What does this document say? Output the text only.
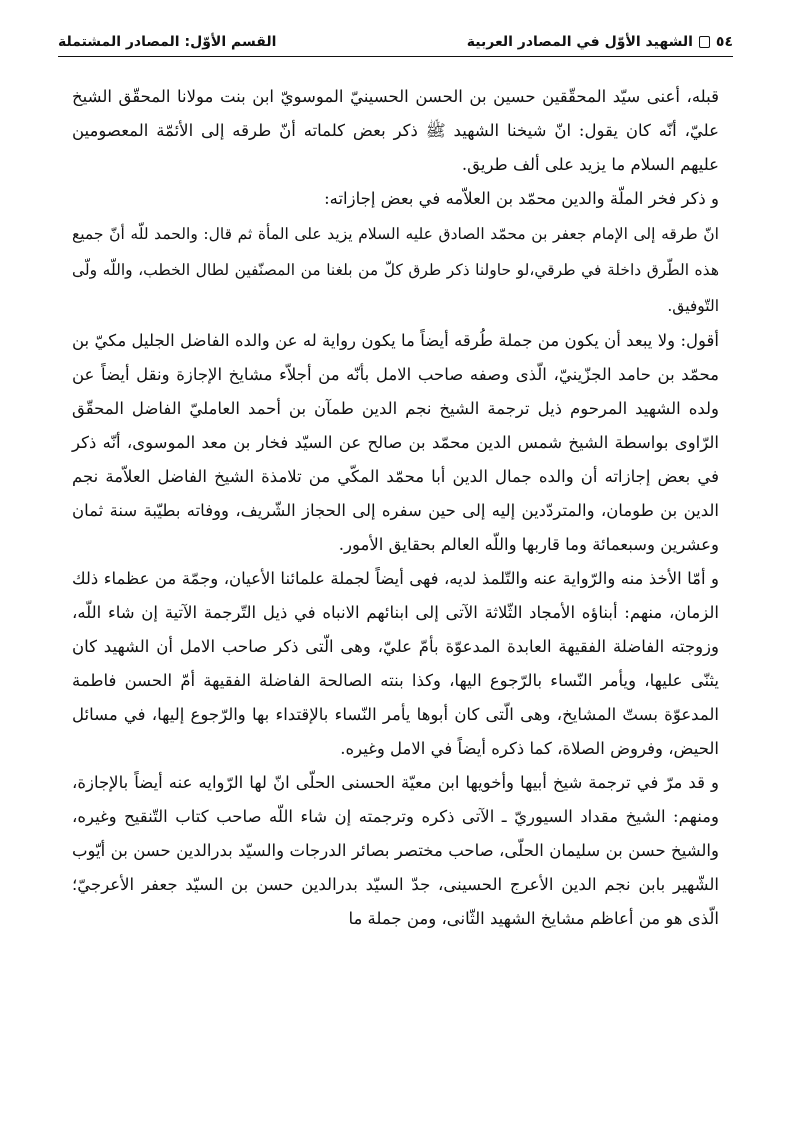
٥٤
الشهيد الأوّل في المصادر العربية
القسم الأوّل: المصادر المشتملة

قبله، أعنى سيّد المحقّقين حسين بن الحسن الحسينيّ الموسويّ ابن بنت مولانا المحقّق الشيخ عليّ، أنّه كان يقول: انّ شيخنا الشهيد ﷺ ذكر بعض كلماته أنّ طرقه إلى الأئمّة المعصومين عليهم السلام ما يزيد على ألف طريق.

و ذكر فخر الملّة والدين محمّد بن العلاّمه في بعض إجازاته:

انّ طرقه إلى الإمام جعفر بن محمّد الصادق عليه السلام يزيد على المأة ثم قال: والحمد للّه أنّ جميع هذه الطّرق داخلة في طرقي،لو حاولنا ذكر طرق كلّ من بلغنا من المصنّفين لطال الخطب، واللّه ولّى التّوفيق.

أقول: ولا يبعد أن يكون من جملة طُرقه أيضاً ما يكون رواية له عن والده الفاضل الجليل مكيّ بن محمّد بن حامد الجزّينيّ، الّذى وصفه صاحب الامل بأنّه من أجلاّء مشايخ الإجازة ونقل أيضاً عن ولده الشهيد المرحوم ذيل ترجمة الشيخ نجم الدين طمآن بن أحمد العامليّ الفاضل المحقّق الرّاوى بواسطة الشيخ شمس الدين محمّد بن صالح عن السيّد فخار بن معد الموسوى، أنّه ذكر في بعض إجازاته أن والده جمال الدين أبا محمّد المكّي من تلامذة الشيخ الفاضل العلاّمة نجم الدين بن طومان، والمتردّدين إليه إلى حين سفره إلى الحجاز الشّريف، ووفاته بطيّبة سنة ثمان وعشرين وسبعمائة وما قاربها واللّه العالم بحقايق الأمور.

و أمّا الأخذ منه والرّواية عنه والتّلمذ لديه، فهى أيضاً لجملة علمائنا الأعيان، وجمّة من عظماء ذلك الزمان، منهم: أبناؤه الأمجاد الثّلاثة الآتى إلى ابنائهم الانباه في ذيل التّرجمة الآتية إن شاء اللّه، وزوجته الفاضلة الفقيهة العابدة المدعوّة بأمّ عليّ، وهى الّتى ذكر صاحب الامل أن الشهيد كان يثنّى عليها، ويأمر النّساء بالرّجوع اليها، وكذا بنته الصالحة الفاضلة الفقيهة أمّ الحسن فاطمة المدعوّة بستّ المشايخ، وهى الّتى كان أبوها يأمر النّساء بالإقتداء بها والرّجوع إليها، في مسائل الحيض، وفروض الصلاة، كما ذكره أيضاً في الامل وغيره.

و قد مرّ في ترجمة شيخ أبيها وأخويها ابن معيّة الحسنى الحلّى انّ لها الرّوايه عنه أيضاً بالإجازة، ومنهم: الشيخ مقداد السيوريّ ـ الآتى ذكره وترجمته إن شاء اللّه صاحب كتاب التّنقيح وغيره، والشيخ حسن بن سليمان الحلّى، صاحب مختصر بصائر الدرجات والسيّد بدرالدين حسن بن أيّوب الشّهير بابن نجم الدين الأعرج الحسينى، جدّ السيّد بدرالدين حسن بن السيّد جعفر الأعرجيّ؛ الّذى هو من أعاظم مشايخ الشهيد الثّانى، ومن جملة ما
